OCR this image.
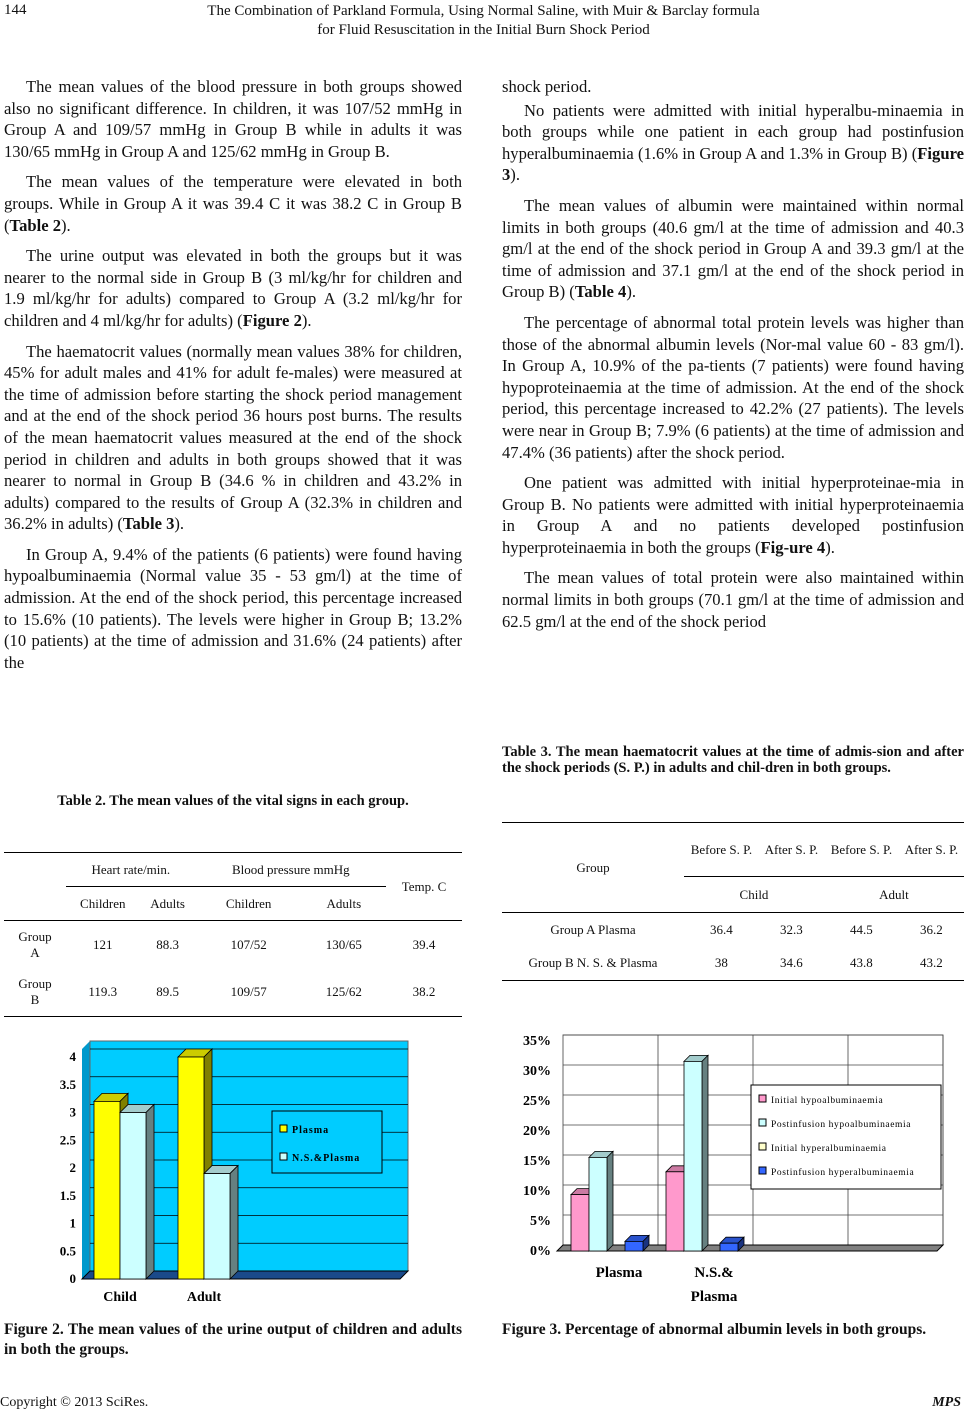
144	The Combination of Parkland Formula, Using Normal Saline, with Muir & Barclay formula
for Fluid Resuscitation in the Initial Burn Shock Period

The mean values of the blood pressure in both groups showed also no significant difference. In children, it was 107/52 mmHg in Group A and 109/57 mmHg in Group B while in adults it was 130/65 mmHg in Group A and 125/62 mmHg in Group B.

The mean values of the temperature were elevated in both groups. While in Group A it was 39.4 C it was 38.2 C in Group B (Table 2).

The urine output was elevated in both the groups but it was nearer to the normal side in Group B (3 ml/kg/hr for children and 1.9 ml/kg/hr for adults) compared to Group A (3.2 ml/kg/hr for children and 4 ml/kg/hr for adults) (Figure 2).

The haematocrit values (normally mean values 38% for children, 45% for adult males and 41% for adult fe-males) were measured at the time of admission before starting the shock period management and at the end of the shock period 36 hours post burns. The results of the mean haematocrit values measured at the end of the shock period in children and adults in both groups showed that it was nearer to normal in Group B (34.6 % in children and 43.2% in adults) compared to the results of Group A (32.3% in children and 36.2% in adults) (Table 3).

In Group A, 9.4% of the patients (6 patients) were found having hypoalbuminaemia (Normal value 35 - 53 gm/l) at the time of admission. At the end of the shock period, this percentage increased to 15.6% (10 patients). The levels were higher in Group B; 13.2% (10 patients) at the time of admission and 31.6% (24 patients) after the

shock period.

No patients were admitted with initial hyperalbu-minaemia in both groups while one patient in each group had postinfusion hyperalbuminaemia (1.6% in Group A and 1.3% in Group B) (Figure 3).

The mean values of albumin were maintained within normal limits in both groups (40.6 gm/l at the time of admission and 40.3 gm/l at the end of the shock period in Group A and 39.3 gm/l at the time of admission and 37.1 gm/l at the end of the shock period in Group B) (Table 4).

The percentage of abnormal total protein levels was higher than those of the abnormal albumin levels (Nor-mal value 60 - 83 gm/l). In Group A, 10.9% of the pa-tients (7 patients) were found having hypoproteinaemia at the time of admission. At the end of the shock period, this percentage increased to 42.2% (27 patients). The levels were near in Group B; 7.9% (6 patients) at the time of admission and 47.4% (36 patients) after the shock period.

One patient was admitted with initial hyperproteinae-mia in Group B. No patients were admitted with initial hyperproteinaemia in Group A and no patients developed postinfusion hyperproteinaemia in both the groups (Fig-ure 4).

The mean values of total protein were also maintained within normal limits in both groups (70.1 gm/l at the time of admission and 62.5 gm/l at the end of the shock period

Table 2. The mean values of the vital signs in each group.
	Heart rate/min.		Blood pressure mmHg		Temp. C
	Children	Adults	Children	Adults	
Group A	121	88.3	107/52	130/65	39.4
Group B	119.3	89.5	109/57	125/62	38.2
Table 3. The mean haematocrit values at the time of admis-sion and after the shock periods (S. P.) in adults and chil-dren in both groups.
Group	Before S. P.	After S. P.	Before S. P.	After S. P.
	Child		Adult	
Group A Plasma	36.4	32.3	44.5	36.2
Group B N. S. & Plasma	38	34.6	43.8	43.2
0
0.5
1
1.5
2
2.5
3
3.5
4
Child	Adult
Plasma
N.S.&Plasma
Figure 2. The mean values of the urine output of children and adults in both the groups.
0%
5%
10%
15%
20%
25%
30%
35%
Plasma	N.S.& Plasma
Initial hypoalbuminaemia
Postinfusion hypoalbuminaemia
Initial hyperalbuminaemia
Postinfusion hyperalbuminaemia
Figure 3. Percentage of abnormal albumin levels in both groups.
Copyright © 2013 SciRes.	MPS
